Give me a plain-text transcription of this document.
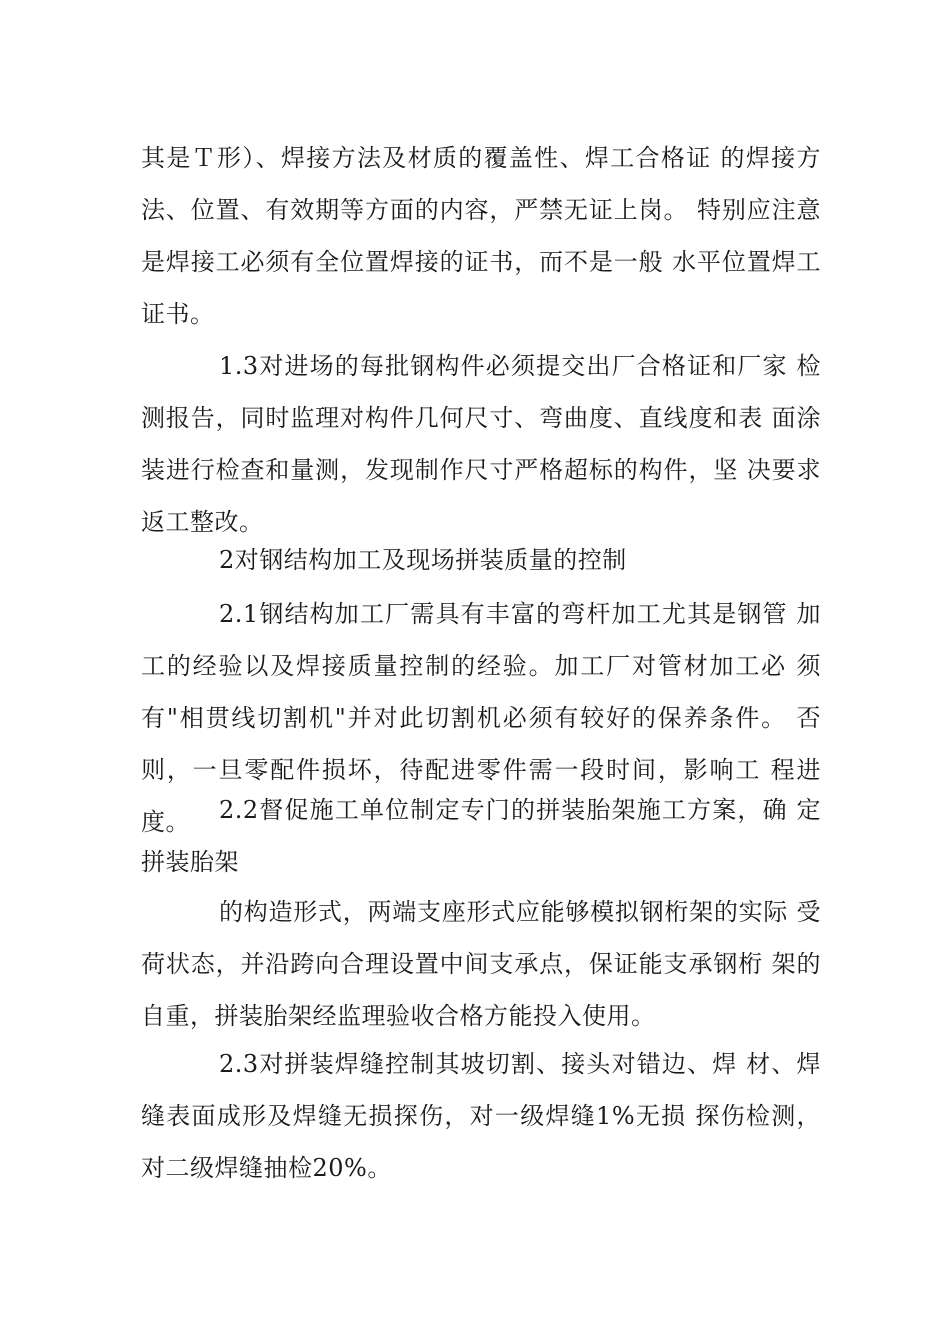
其是Ｔ形）、焊接方法及材质的覆盖性、焊工合格证 的焊接方法、位置、有效期等方面的内容，严禁无证上岗。 特别应注意是焊接工必须有全位置焊接的证书，而不是一般 水平位置焊工证书。

1.3对进场的每批钢构件必须提交出厂合格证和厂家 检测报告，同时监理对构件几何尺寸、弯曲度、直线度和表 面涂装进行检查和量测，发现制作尺寸严格超标的构件，坚 决要求返工整改。

2对钢结构加工及现场拼装质量的控制

2.1钢结构加工厂需具有丰富的弯杆加工尤其是钢管 加工的经验以及焊接质量控制的经验。加工厂对管材加工必 须有"相贯线切割机"并对此切割机必须有较好的保养条件。 否则，一旦零配件损坏，待配进零件需一段时间，影响工 程进度。	2.2督促施工单位制定专门的拼装胎架施工方案，确 定拼装胎架

的构造形式，两端支座形式应能够模拟钢桁架的实际 受荷状态，并沿跨向合理设置中间支承点，保证能支承钢桁 架的自重，拼装胎架经监理验收合格方能投入使用。

2.3对拼装焊缝控制其坡切割、接头对错边、焊 材、焊缝表面成形及焊缝无损探伤，对一级焊缝1%无损 探伤检测，对二级焊缝抽检20%。
